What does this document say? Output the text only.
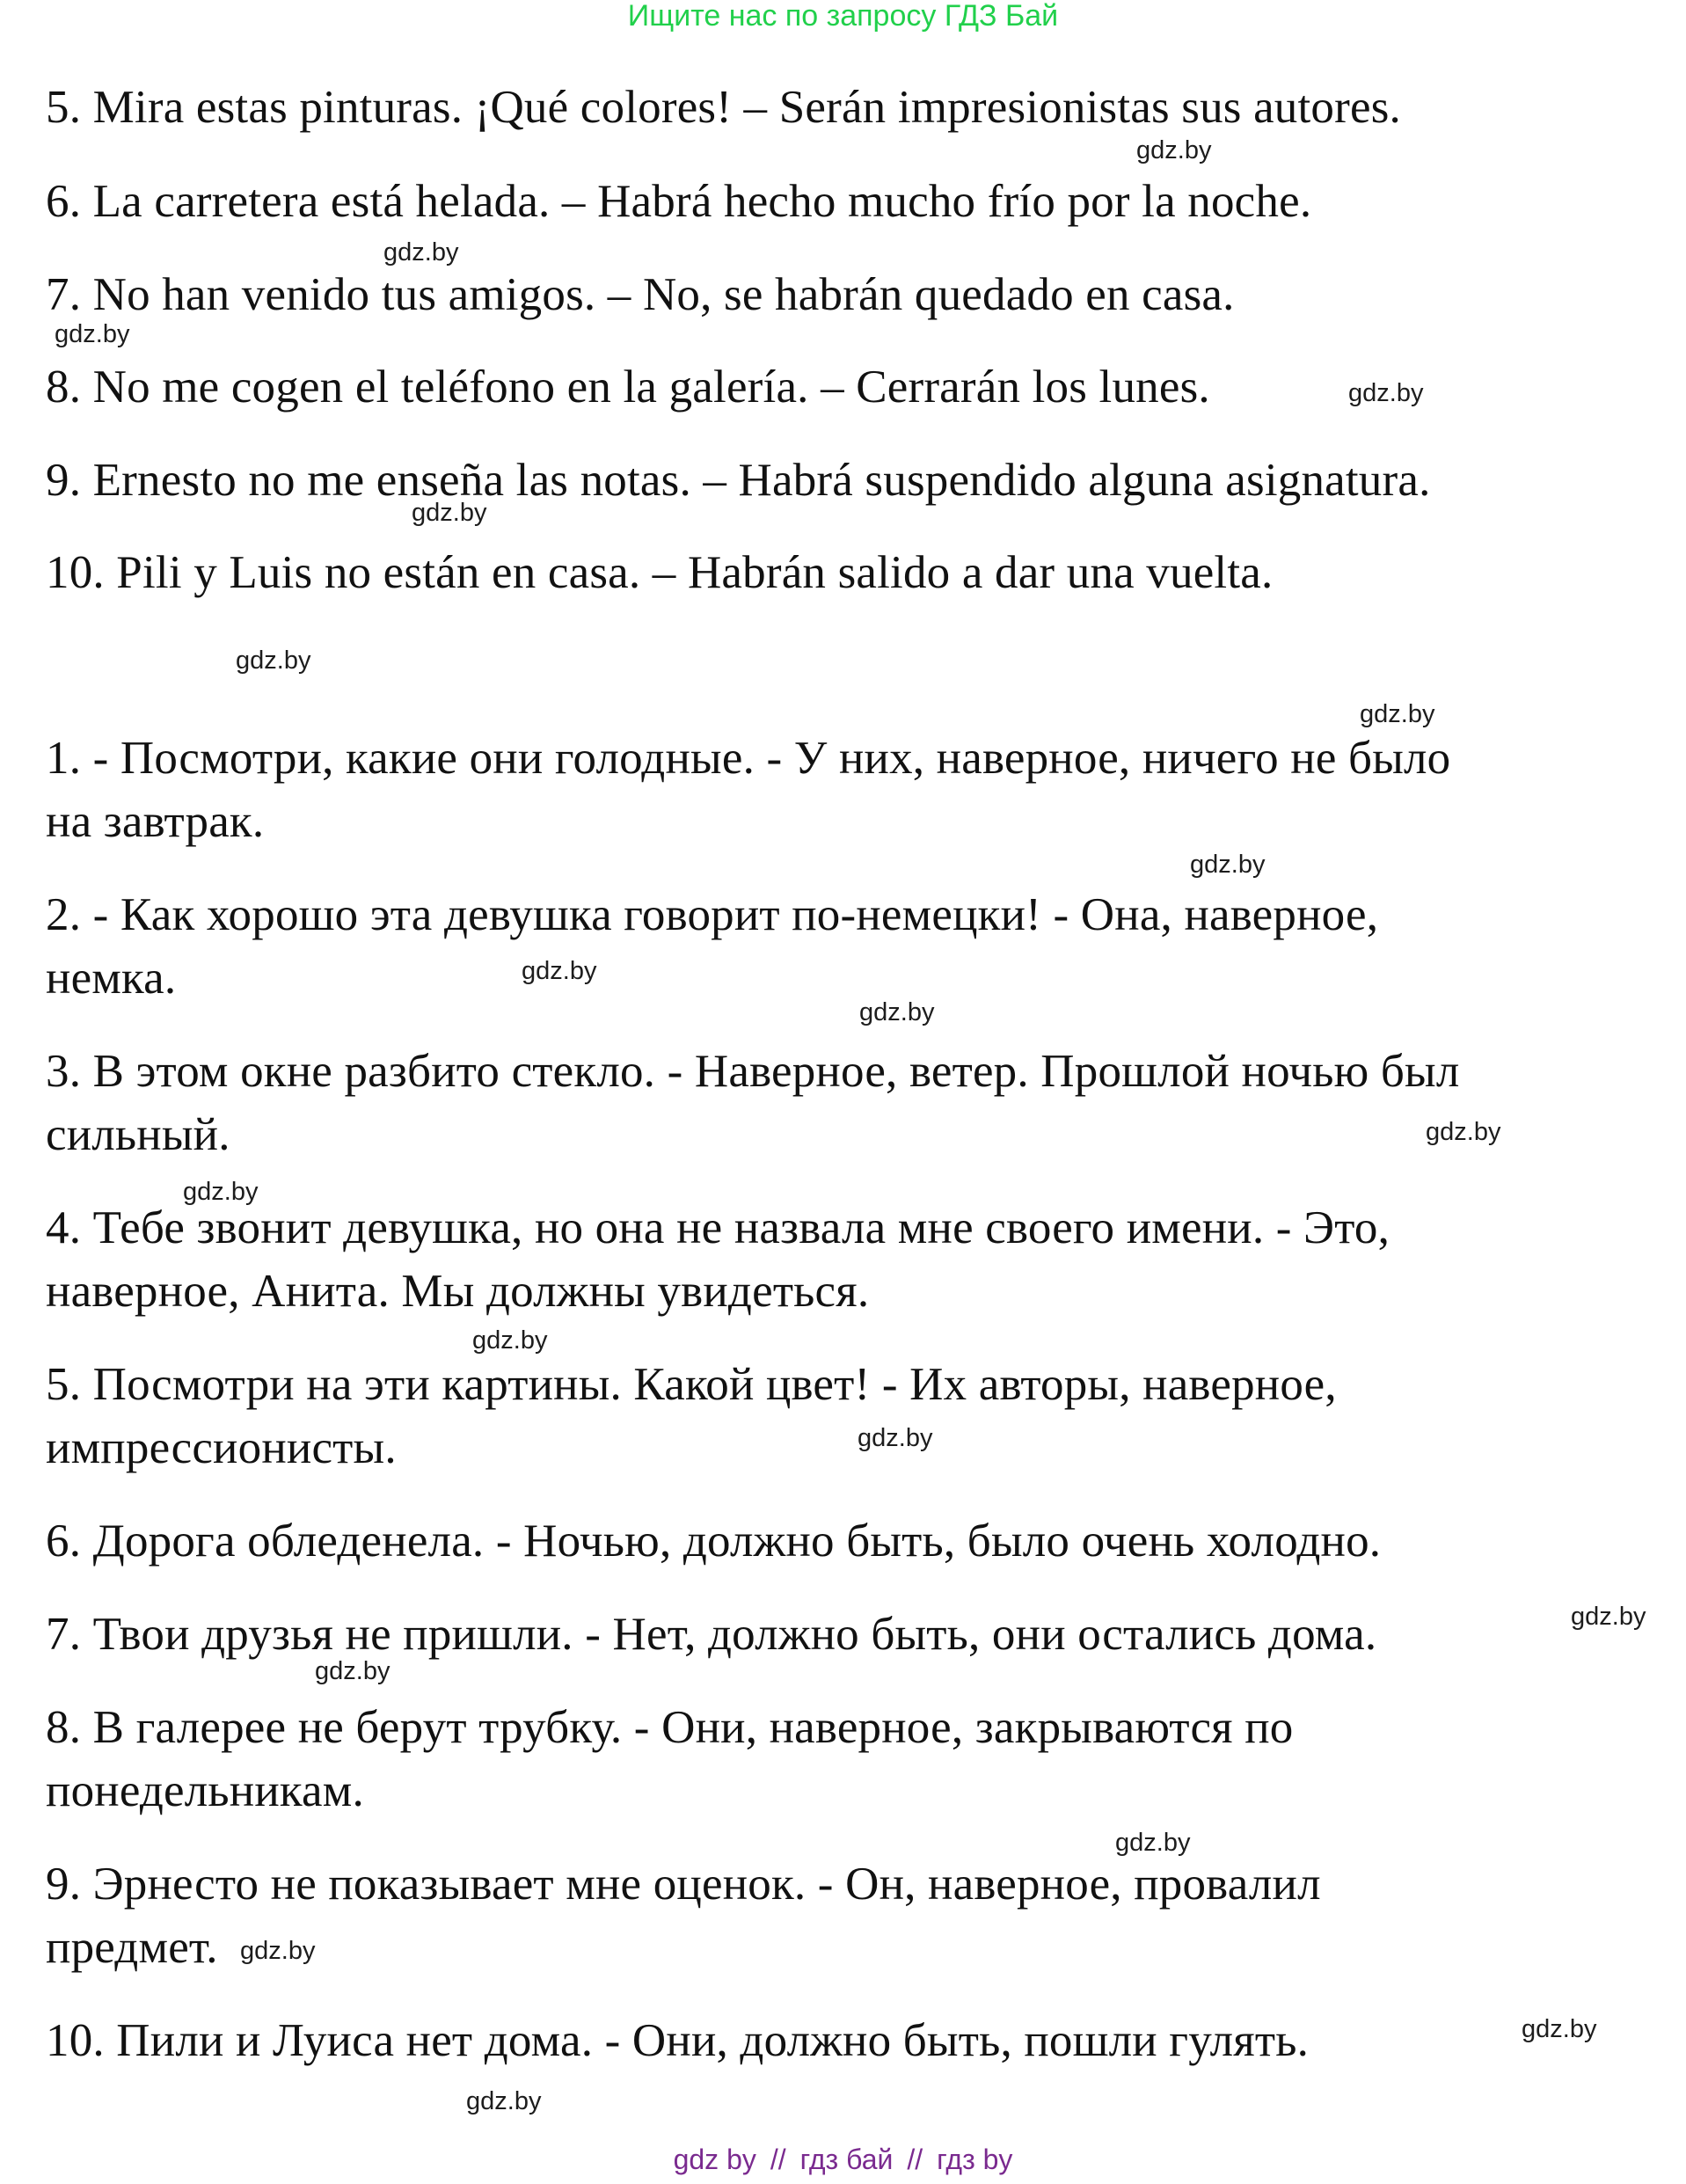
Ищите нас по запросу ГДЗ Бай

5. Mira estas pinturas. ¡Qué colores! – Serán impresionistas sus autores.

6. La carretera está helada. – Habrá hecho mucho frío por la noche.

7. No han venido tus amigos. – No, se habrán quedado en casa.

8. No me cogen el teléfono en la galería. – Cerrarán los lunes.

9. Ernesto no me enseña las notas. – Habrá suspendido alguna asignatura.

10. Pili y Luis no están en casa. – Habrán salido a dar una vuelta.

1. - Посмотри, какие они голодные. - У них, наверное, ничего не было

на завтрак.

2. - Как хорошо эта девушка говорит по-немецки! - Она, наверное,

немка.

3. В этом окне разбито стекло. - Наверное, ветер. Прошлой ночью был

сильный.

4. Тебе звонит девушка, но она не назвала мне своего имени. - Это,

наверное, Анита. Мы должны увидеться.

5. Посмотри на эти картины. Какой цвет! - Их авторы, наверное,

импрессионисты.

6. Дорога обледенела. - Ночью, должно быть, было очень холодно.

7. Твои друзья не пришли. - Нет, должно быть, они остались дома.

8. В галерее не берут трубку. - Они, наверное, закрываются по

понедельникам.

9. Эрнесто не показывает мне оценок. - Он, наверное, провалил

предмет.

10. Пили и Луиса нет дома. - Они, должно быть, пошли гулять.

gdz.by
gdz.by
gdz.by
gdz.by
gdz.by
gdz.by
gdz.by
gdz.by
gdz.by
gdz.by
gdz.by
gdz.by
gdz.by
gdz.by
gdz.by
gdz.by
gdz.by
gdz.by
gdz.by
gdz.by
gdz by // гдз бай // гдз by
